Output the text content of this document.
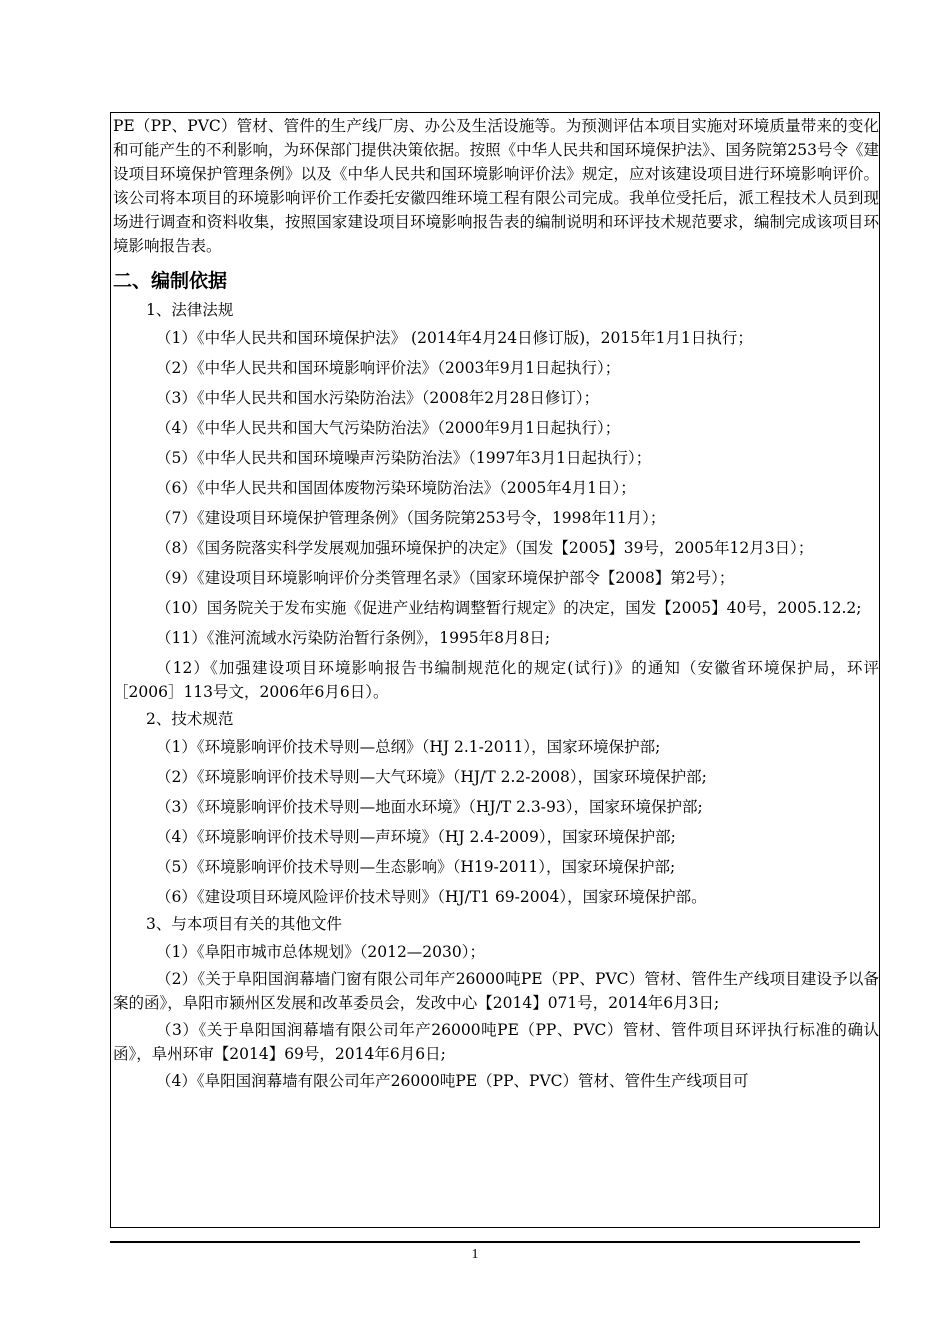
PE（PP、PVC）管材、管件的生产线厂房、办公及生活设施等。为预测评估本项目实施对环境质量带来的变化和可能产生的不利影响，为环保部门提供决策依据。按照《中华人民共和国环境保护法》、国务院第253号令《建设项目环境保护管理条例》以及《中华人民共和国环境影响评价法》规定，应对该建设项目进行环境影响评价。该公司将本项目的环境影响评价工作委托安徽四维环境工程有限公司完成。我单位受托后，派工程技术人员到现场进行调查和资料收集，按照国家建设项目环境影响报告表的编制说明和环评技术规范要求，编制完成该项目环境影响报告表。

二、编制依据
1、法律法规

（1）《中华人民共和国环境保护法》 (2014年4月24日修订版)，2015年1月1日执行；

（2）《中华人民共和国环境影响评价法》（2003年9月1日起执行）；

（3）《中华人民共和国水污染防治法》（2008年2月28日修订）；

（4）《中华人民共和国大气污染防治法》（2000年9月1日起执行）；

（5）《中华人民共和国环境噪声污染防治法》（1997年3月1日起执行）；

（6）《中华人民共和国固体废物污染环境防治法》（2005年4月1日）；

（7）《建设项目环境保护管理条例》（国务院第253号令，1998年11月）；

（8）《国务院落实科学发展观加强环境保护的决定》（国发【2005】39号，2005年12月3日）；

（9）《建设项目环境影响评价分类管理名录》（国家环境保护部令【2008】第2号）；

（10）国务院关于发布实施《促进产业结构调整暂行规定》的决定，国发【2005】40号，2005.12.2;

（11）《淮河流域水污染防治暂行条例》，1995年8月8日;

（12）《加强建设项目环境影响报告书编制规范化的规定(试行)》的通知（安徽省环境保护局，环评［2006］113号文，2006年6月6日）。

2、技术规范

（1）《环境影响评价技术导则—总纲》（HJ 2.1-2011），国家环境保护部;

（2）《环境影响评价技术导则—大气环境》（HJ/T 2.2-2008），国家环境保护部;

（3）《环境影响评价技术导则—地面水环境》（HJ/T 2.3-93），国家环境保护部;

（4）《环境影响评价技术导则—声环境》（HJ 2.4-2009），国家环境保护部;

（5）《环境影响评价技术导则—生态影响》（H19-2011），国家环境保护部;

（6）《建设项目环境风险评价技术导则》（HJ/T1 69-2004），国家环境保护部。

3、与本项目有关的其他文件

（1）《阜阳市城市总体规划》（2012—2030）；

（2）《关于阜阳国润幕墙门窗有限公司年产26000吨PE（PP、PVC）管材、管件生产线项目建设予以备案的函》，阜阳市颍州区发展和改革委员会，发改中心【2014】071号，2014年6月3日;

（3）《关于阜阳国润幕墙有限公司年产26000吨PE（PP、PVC）管材、管件项目环评执行标准的确认函》，阜州环审【2014】69号，2014年6月6日;

（4）《阜阳国润幕墙有限公司年产26000吨PE（PP、PVC）管材、管件生产线项目可

1
